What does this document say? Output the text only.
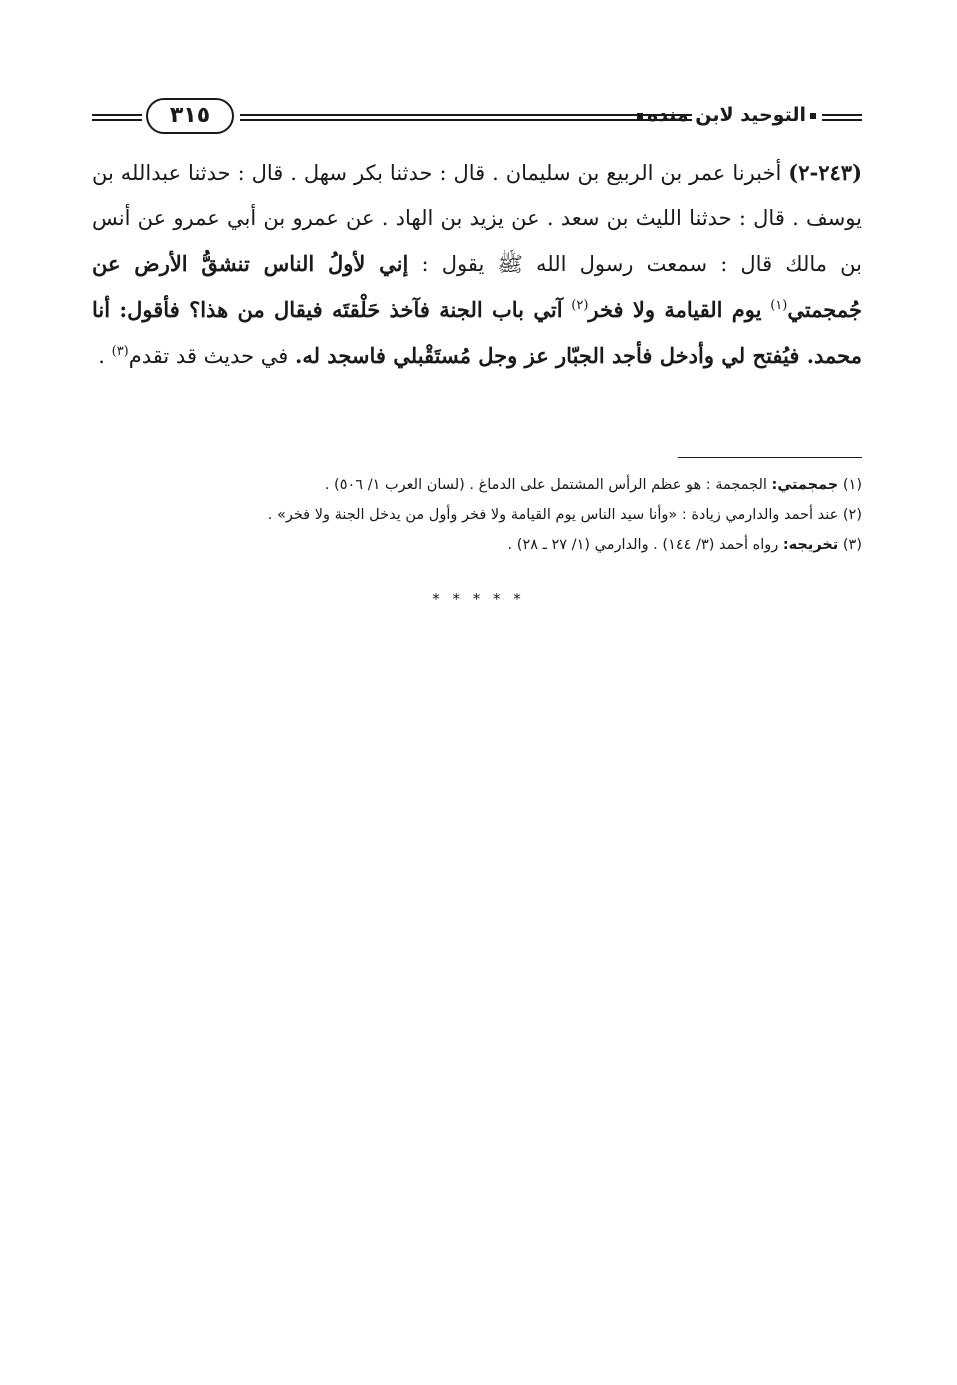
٣١٥	التوحيد لابن منده

(٢٤٣-٢) أخبرنا عمر بن الربيع بن سليمان . قال : حدثنا بكر سهل . قال : حدثنا عبدالله بن يوسف . قال : حدثنا الليث بن سعد . عن يزيد بن الهاد . عن عمرو بن أبي عمرو عن أنس بن مالك قال : سمعت رسول الله ﷺ يقول : إني لأولُ الناس تنشقُّ الأرض عن جُمجمتي$^{(١)}$ يوم القيامة ولا فخر$^{(٢)}$ آتي باب الجنة فآخذ حَلْقتَه فيقال من هذا؟ فأقول: أنا محمد. فيُفتح لي وأدخل فأجد الجبّار عز وجل مُستَقْبلي فاسجد له. في حديث قد تقدم$^{(٣)}$ .

(١) جمجمتي: الجمجمة : هو عظم الرأس المشتمل على الدماغ . (لسان العرب ١/ ٥٠٦) .

(٢) عند أحمد والدارمي زيادة : «وأنا سيد الناس يوم القيامة ولا فخر وأول من يدخل الجنة ولا فخر» .

(٣) تخريجه: رواه أحمد (٣/ ١٤٤) . والدارمي (١/ ٢٧ ـ ٢٨) .

* * * * *
